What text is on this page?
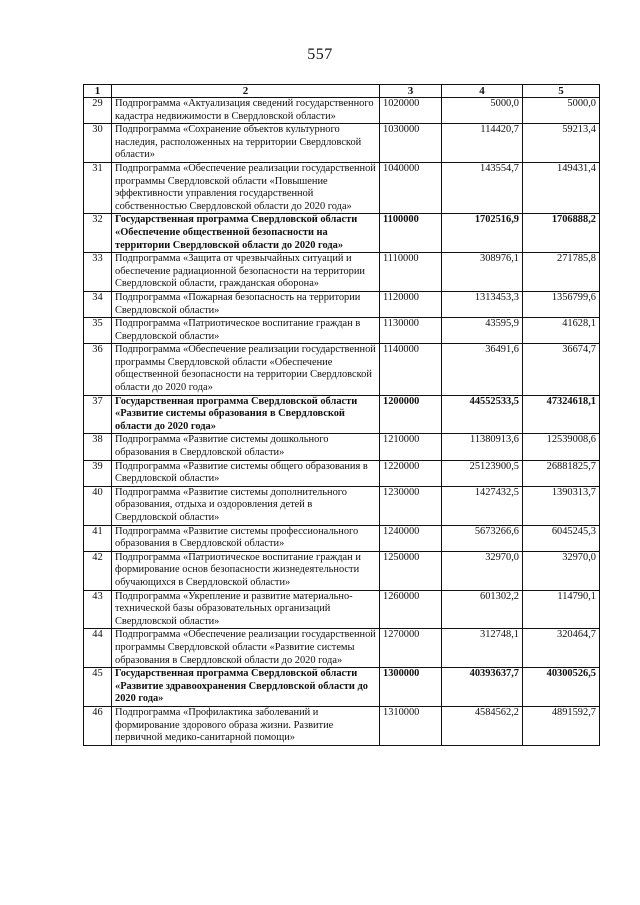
557
1	2	3	4	5
29	Подпрограмма «Актуализация сведений государственного кадастра недвижимости в Свердловской области»	1020000	5000,0	5000,0
30	Подпрограмма «Сохранение объектов культурного наследия, расположенных на территории Свердловской области»	1030000	114420,7	59213,4
31	Подпрограмма «Обеспечение реализации государственной программы Свердловской области «Повышение эффективности управления государственной собственностью Свердловской области до 2020 года»	1040000	143554,7	149431,4
32	Государственная программа Свердловской области «Обеспечение общественной безопасности на территории Свердловской области до 2020 года»	1100000	1702516,9	1706888,2
33	Подпрограмма «Защита от чрезвычайных ситуаций и обеспечение радиационной безопасности на территории Свердловской области, гражданская оборона»	1110000	308976,1	271785,8
34	Подпрограмма «Пожарная безопасность на территории Свердловской области»	1120000	1313453,3	1356799,6
35	Подпрограмма «Патриотическое воспитание граждан в Свердловской области»	1130000	43595,9	41628,1
36	Подпрограмма «Обеспечение реализации государственной программы Свердловской области «Обеспечение общественной безопасности на территории Свердловской области до 2020 года»	1140000	36491,6	36674,7
37	Государственная программа Свердловской области «Развитие системы образования в Свердловской области до 2020 года»	1200000	44552533,5	47324618,1
38	Подпрограмма «Развитие системы дошкольного образования в Свердловской области»	1210000	11380913,6	12539008,6
39	Подпрограмма «Развитие системы общего образования в Свердловской области»	1220000	25123900,5	26881825,7
40	Подпрограмма «Развитие системы дополнительного образования, отдыха и оздоровления детей в Свердловской области»	1230000	1427432,5	1390313,7
41	Подпрограмма «Развитие системы профессионального образования в Свердловской области»	1240000	5673266,6	6045245,3
42	Подпрограмма «Патриотическое воспитание граждан и формирование основ безопасности жизнедеятельности обучающихся в Свердловской области»	1250000	32970,0	32970,0
43	Подпрограмма «Укрепление и развитие материально-технической базы образовательных организаций Свердловской области»	1260000	601302,2	114790,1
44	Подпрограмма «Обеспечение реализации государственной программы Свердловской области «Развитие системы образования в Свердловской области до 2020 года»	1270000	312748,1	320464,7
45	Государственная программа Свердловской области «Развитие здравоохранения Свердловской области до 2020 года»	1300000	40393637,7	40300526,5
46	Подпрограмма «Профилактика заболеваний и формирование здорового образа жизни. Развитие первичной медико-санитарной помощи»	1310000	4584562,2	4891592,7
